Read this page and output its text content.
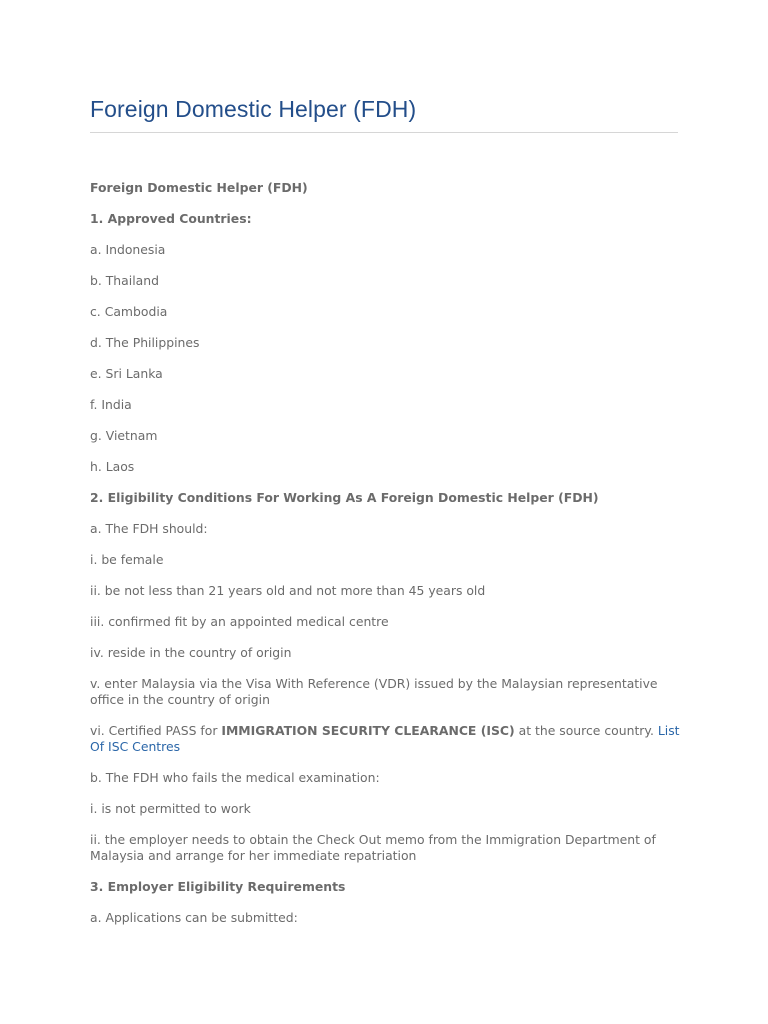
Foreign Domestic Helper (FDH)

Foreign Domestic Helper (FDH)

1. Approved Countries:

a. Indonesia

b. Thailand

c. Cambodia

d. The Philippines

e. Sri Lanka

f. India

g. Vietnam

h. Laos

2. Eligibility Conditions For Working As A Foreign Domestic Helper (FDH)

a. The FDH should:

i. be female

ii. be not less than 21 years old and not more than 45 years old

iii. confirmed fit by an appointed medical centre

iv. reside in the country of origin

v. enter Malaysia via the Visa With Reference (VDR) issued by the Malaysian representative office in the country of origin

vi. Certified PASS for IMMIGRATION SECURITY CLEARANCE (ISC) at the source country. List Of ISC Centres

b. The FDH who fails the medical examination:

i. is not permitted to work

ii. the employer needs to obtain the Check Out memo from the Immigration Department of Malaysia and arrange for her immediate repatriation

3. Employer Eligibility Requirements

a. Applications can be submitted:
